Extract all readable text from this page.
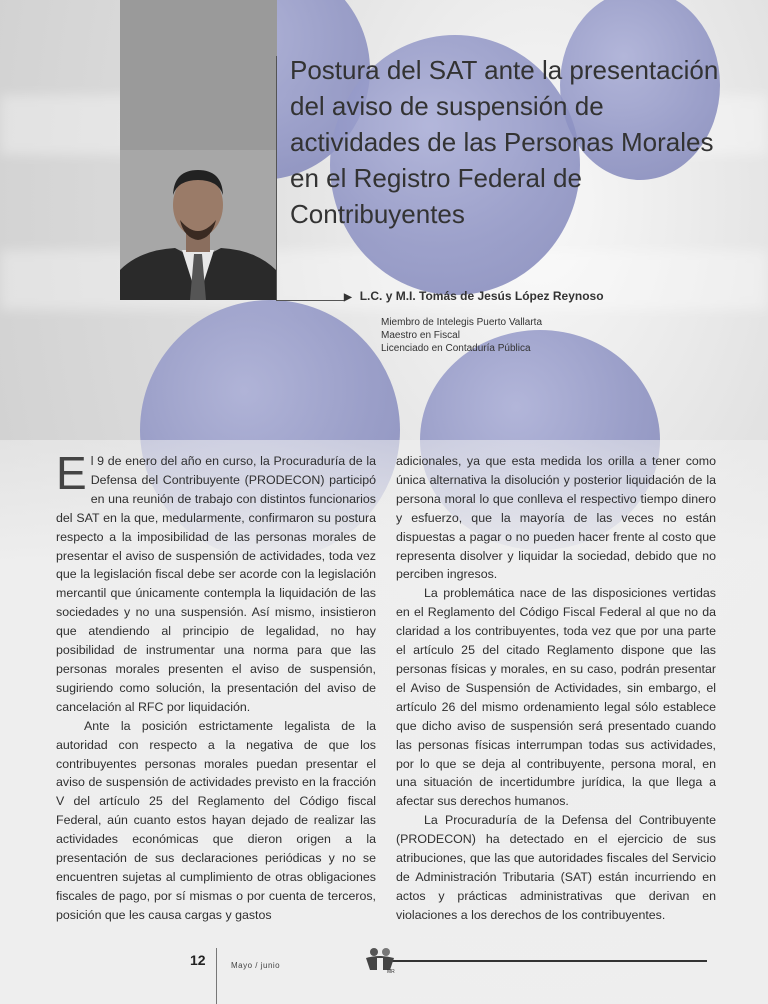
Postura del SAT ante la presentación del aviso de suspensión de actividades de las Personas Morales en el Registro Federal de Contribuyentes
▶ L.C. y M.I. Tomás de Jesús López Reynoso
Miembro de Intelegis Puerto Vallarta
Maestro en Fiscal
Licenciado en Contaduría Pública

El 9 de enero del año en curso, la Procuraduría de la Defensa del Contribuyente (PRODECON) participó en una reunión de trabajo con distintos funcionarios del SAT en la que, medularmente, confirmaron su postura respecto a la imposibilidad de las personas morales de presentar el aviso de suspensión de actividades, toda vez que la legislación fiscal debe ser acorde con la legislación mercantil que únicamente contempla la liquidación de las sociedades y no una suspensión. Así mismo, insistieron que atendiendo al principio de legalidad, no hay posibilidad de instrumentar una norma para que las personas morales presenten el aviso de suspensión, sugiriendo como solución, la presentación del aviso de cancelación al RFC por liquidación.

Ante la posición estrictamente legalista de la autoridad con respecto a la negativa de que los contribuyentes personas morales puedan presentar el aviso de suspensión de actividades previsto en la fracción V del artículo 25 del Reglamento del Código fiscal Federal, aún cuanto estos hayan dejado de realizar las actividades económicas que dieron origen a la presentación de sus declaraciones periódicas y no se encuentren sujetas al cumplimiento de otras obligaciones fiscales de pago, por sí mismas o por cuenta de terceros, posición que les causa cargas y gastos

adicionales, ya que esta medida los orilla a tener como única alternativa la disolución y posterior liquidación de la persona moral lo que conlleva el respectivo tiempo dinero y esfuerzo, que la mayoría de las veces no están dispuestas a pagar o no pueden hacer frente al costo que representa disolver y liquidar la sociedad, debido que no perciben ingresos.

La problemática nace de las disposiciones vertidas en el Reglamento del Código Fiscal Federal al que no da claridad a los contribuyentes, toda vez que por una parte el artículo 25 del citado Reglamento dispone que las personas físicas y morales, en su caso, podrán presentar el Aviso de Suspensión de Actividades, sin embargo, el artículo 26 del mismo ordenamiento legal sólo establece que dicho aviso de suspensión será presentado cuando las personas físicas interrumpan todas sus actividades, por lo que se deja al contribuyente, persona moral, en una situación de incertidumbre jurídica, la que llega a afectar sus derechos humanos.

La Procuraduría de la Defensa del Contribuyente (PRODECON) ha detectado en el ejercicio de sus atribuciones, que las que autoridades fiscales del Servicio de Administración Tributaria (SAT) están incurriendo en actos y prácticas administrativas que derivan en violaciones a los derechos de los contribuyentes.

12	Mayo / junio
MR
